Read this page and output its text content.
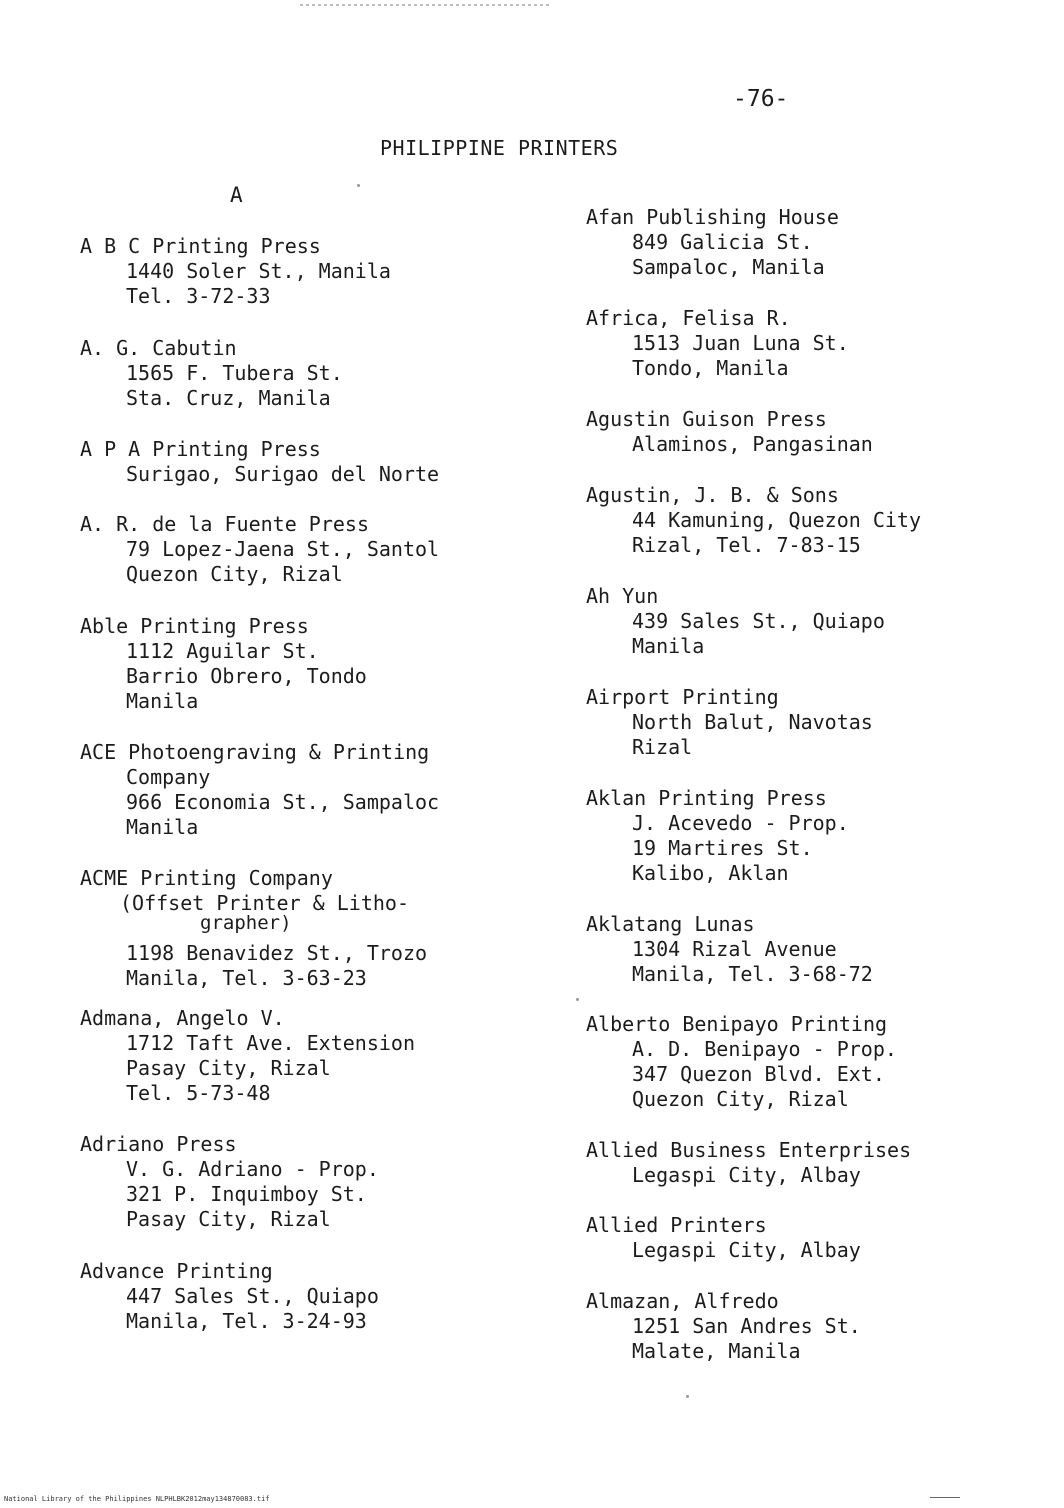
-76-
PHILIPPINE PRINTERS
A
A B C Printing Press
1440 Soler St., Manila
Tel. 3-72-33
A. G. Cabutin
1565 F. Tubera St.
Sta. Cruz, Manila
A P A Printing Press
Surigao, Surigao del Norte
A. R. de la Fuente Press
79 Lopez-Jaena St., Santol
Quezon City, Rizal
Able Printing Press
1112 Aguilar St.
Barrio Obrero, Tondo
Manila
ACE Photoengraving & Printing
Company
966 Economia St., Sampaloc
Manila
ACME Printing Company
(Offset Printer & Litho-
grapher)
1198 Benavidez St., Trozo
Manila, Tel. 3-63-23
Admana, Angelo V.
1712 Taft Ave. Extension
Pasay City, Rizal
Tel. 5-73-48
Adriano Press
V. G. Adriano - Prop.
321 P. Inquimboy St.
Pasay City, Rizal
Advance Printing
447 Sales St., Quiapo
Manila, Tel. 3-24-93
Afan Publishing House
849 Galicia St.
Sampaloc, Manila
Africa, Felisa R.
1513 Juan Luna St.
Tondo, Manila
Agustin Guison Press
Alaminos, Pangasinan
Agustin, J. B. & Sons
44 Kamuning, Quezon City
Rizal, Tel. 7-83-15
Ah Yun
439 Sales St., Quiapo
Manila
Airport Printing
North Balut, Navotas
Rizal
Aklan Printing Press
J. Acevedo - Prop.
19 Martires St.
Kalibo, Aklan
Aklatang Lunas
1304 Rizal Avenue
Manila, Tel. 3-68-72
Alberto Benipayo Printing
A. D. Benipayo - Prop.
347 Quezon Blvd. Ext.
Quezon City, Rizal
Allied Business Enterprises
Legaspi City, Albay
Allied Printers
Legaspi City, Albay
Almazan, Alfredo
1251 San Andres St.
Malate, Manila
National Library of the Philippines NLPHLBK2012may134870083.tif
